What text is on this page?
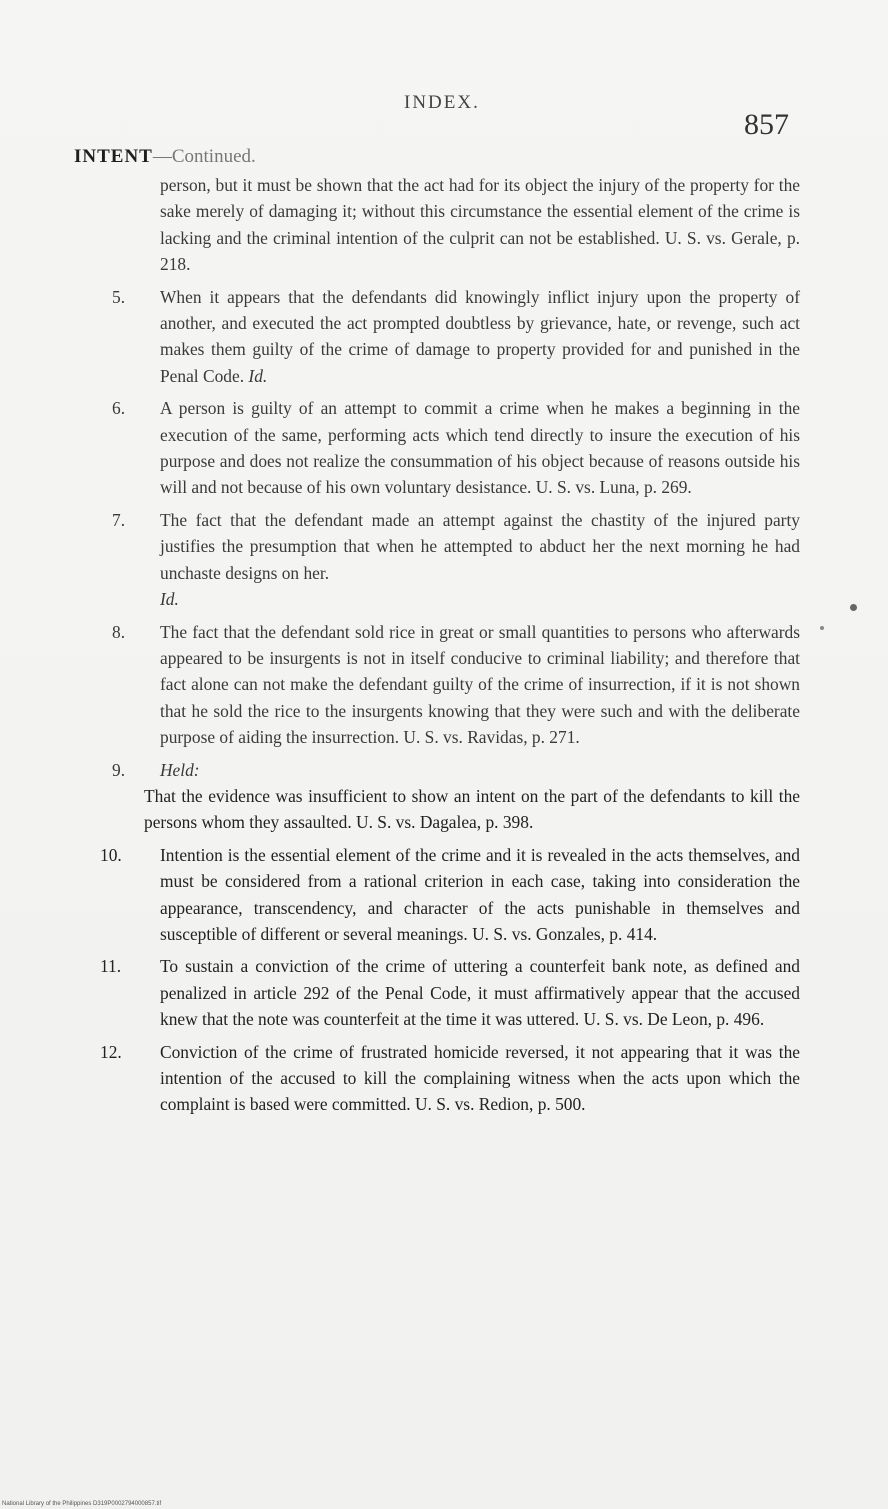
INDEX.
857
INTENT—Continued.
person, but it must be shown that the act had for its object the injury of the property for the sake merely of damaging it; without this circumstance the essential element of the crime is lacking and the criminal intention of the culprit can not be established. U. S. vs. Gerale, p. 218.
5.	When it appears that the defendants did knowingly inflict injury upon the property of another, and executed the act prompted doubtless by grievance, hate, or revenge, such act makes them guilty of the crime of damage to property provided for and punished in the Penal Code. Id.
6.	A person is guilty of an attempt to commit a crime when he makes a beginning in the execution of the same, performing acts which tend directly to insure the execution of his purpose and does not realize the consummation of his object because of reasons outside his will and not because of his own voluntary desistance. U. S. vs. Luna, p. 269.
7.	The fact that the defendant made an attempt against the chastity of the injured party justifies the presumption that when he attempted to abduct her the next morning he had unchaste designs on her.
Id.
8.	The fact that the defendant sold rice in great or small quantities to persons who afterwards appeared to be insurgents is not in itself conducive to criminal liability; and therefore that fact alone can not make the defendant guilty of the crime of insurrection, if it is not shown that he sold the rice to the insurgents knowing that they were such and with the deliberate purpose of aiding the insurrection. U. S. vs. Ravidas, p. 271.
9.	Held:
That the evidence was insufficient to show an intent on the part of the defendants to kill the persons whom they assaulted. U. S. vs. Dagalea, p. 398.
10.	Intention is the essential element of the crime and it is revealed in the acts themselves, and must be considered from a rational criterion in each case, taking into consideration the appearance, transcendency, and character of the acts punishable in themselves and susceptible of different or several meanings. U. S. vs. Gonzales, p. 414.
11.	To sustain a conviction of the crime of uttering a counterfeit bank note, as defined and penalized in article 292 of the Penal Code, it must affirmatively appear that the accused knew that the note was counterfeit at the time it was uttered. U. S. vs. De Leon, p. 496.
12.	Conviction of the crime of frustrated homicide reversed, it not appearing that it was the intention of the accused to kill the complaining witness when the acts upon which the complaint is based were committed. U. S. vs. Redion, p. 500.
National Library of the Philippines D319P0002794000857.tif
